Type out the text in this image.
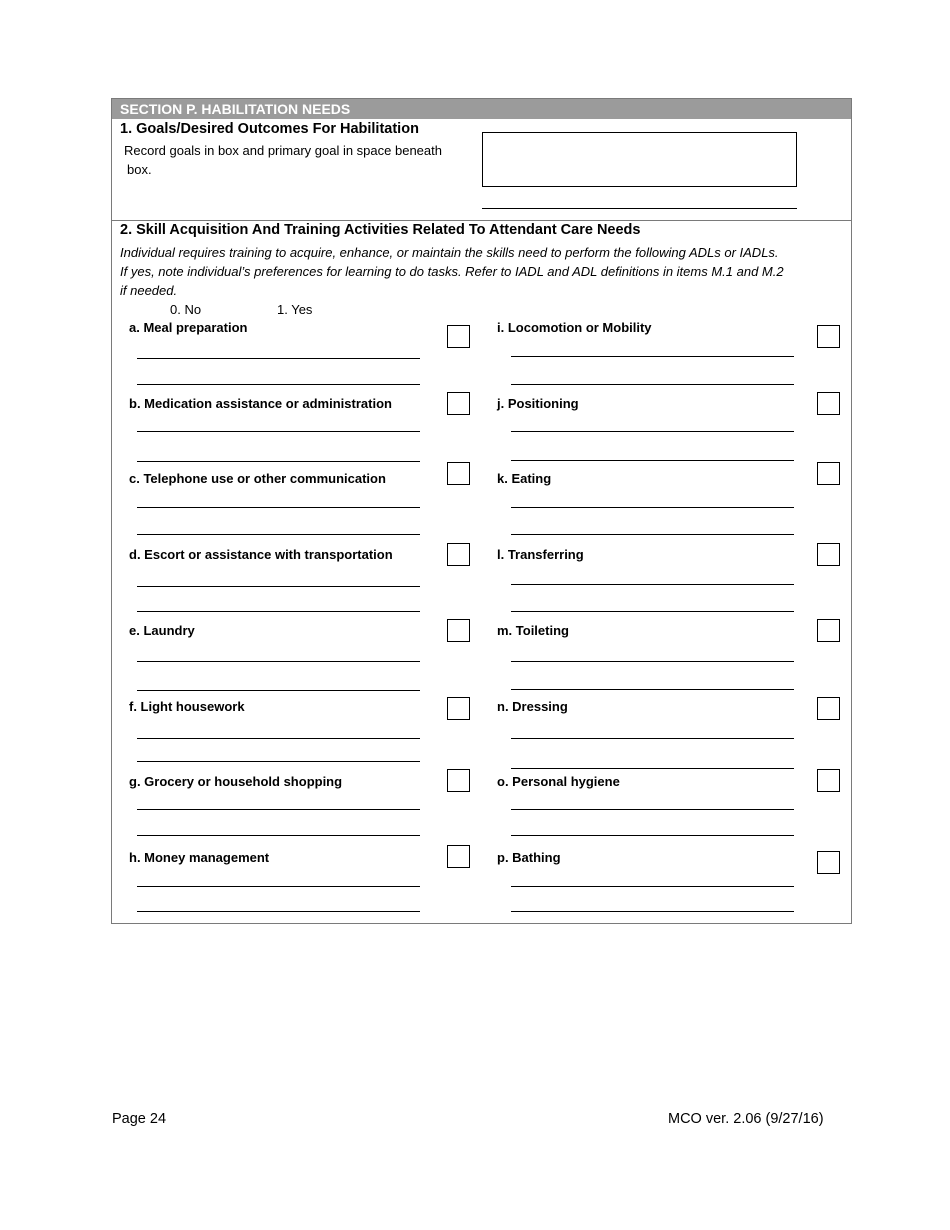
SECTION P. HABILITATION NEEDS
1. Goals/Desired Outcomes For Habilitation
Record goals in box and primary goal in space beneath
box.
2. Skill Acquisition And Training Activities Related To Attendant Care Needs
Individual requires training to acquire, enhance, or maintain the skills need to perform the following ADLs or IADLs.
If yes, note individual’s preferences for learning to do tasks. Refer to IADL and ADL definitions in items M.1 and M.2
if needed.
0. No	1. Yes
a. Meal preparation
b. Medication assistance or administration
c. Telephone use or other communication
d. Escort or assistance with transportation
e. Laundry
f. Light housework
g. Grocery or household shopping
h. Money management
i. Locomotion or Mobility
j. Positioning
k. Eating
l. Transferring
m. Toileting
n. Dressing
o. Personal hygiene
p. Bathing
Page 24	MCO ver. 2.06 (9/27/16)
